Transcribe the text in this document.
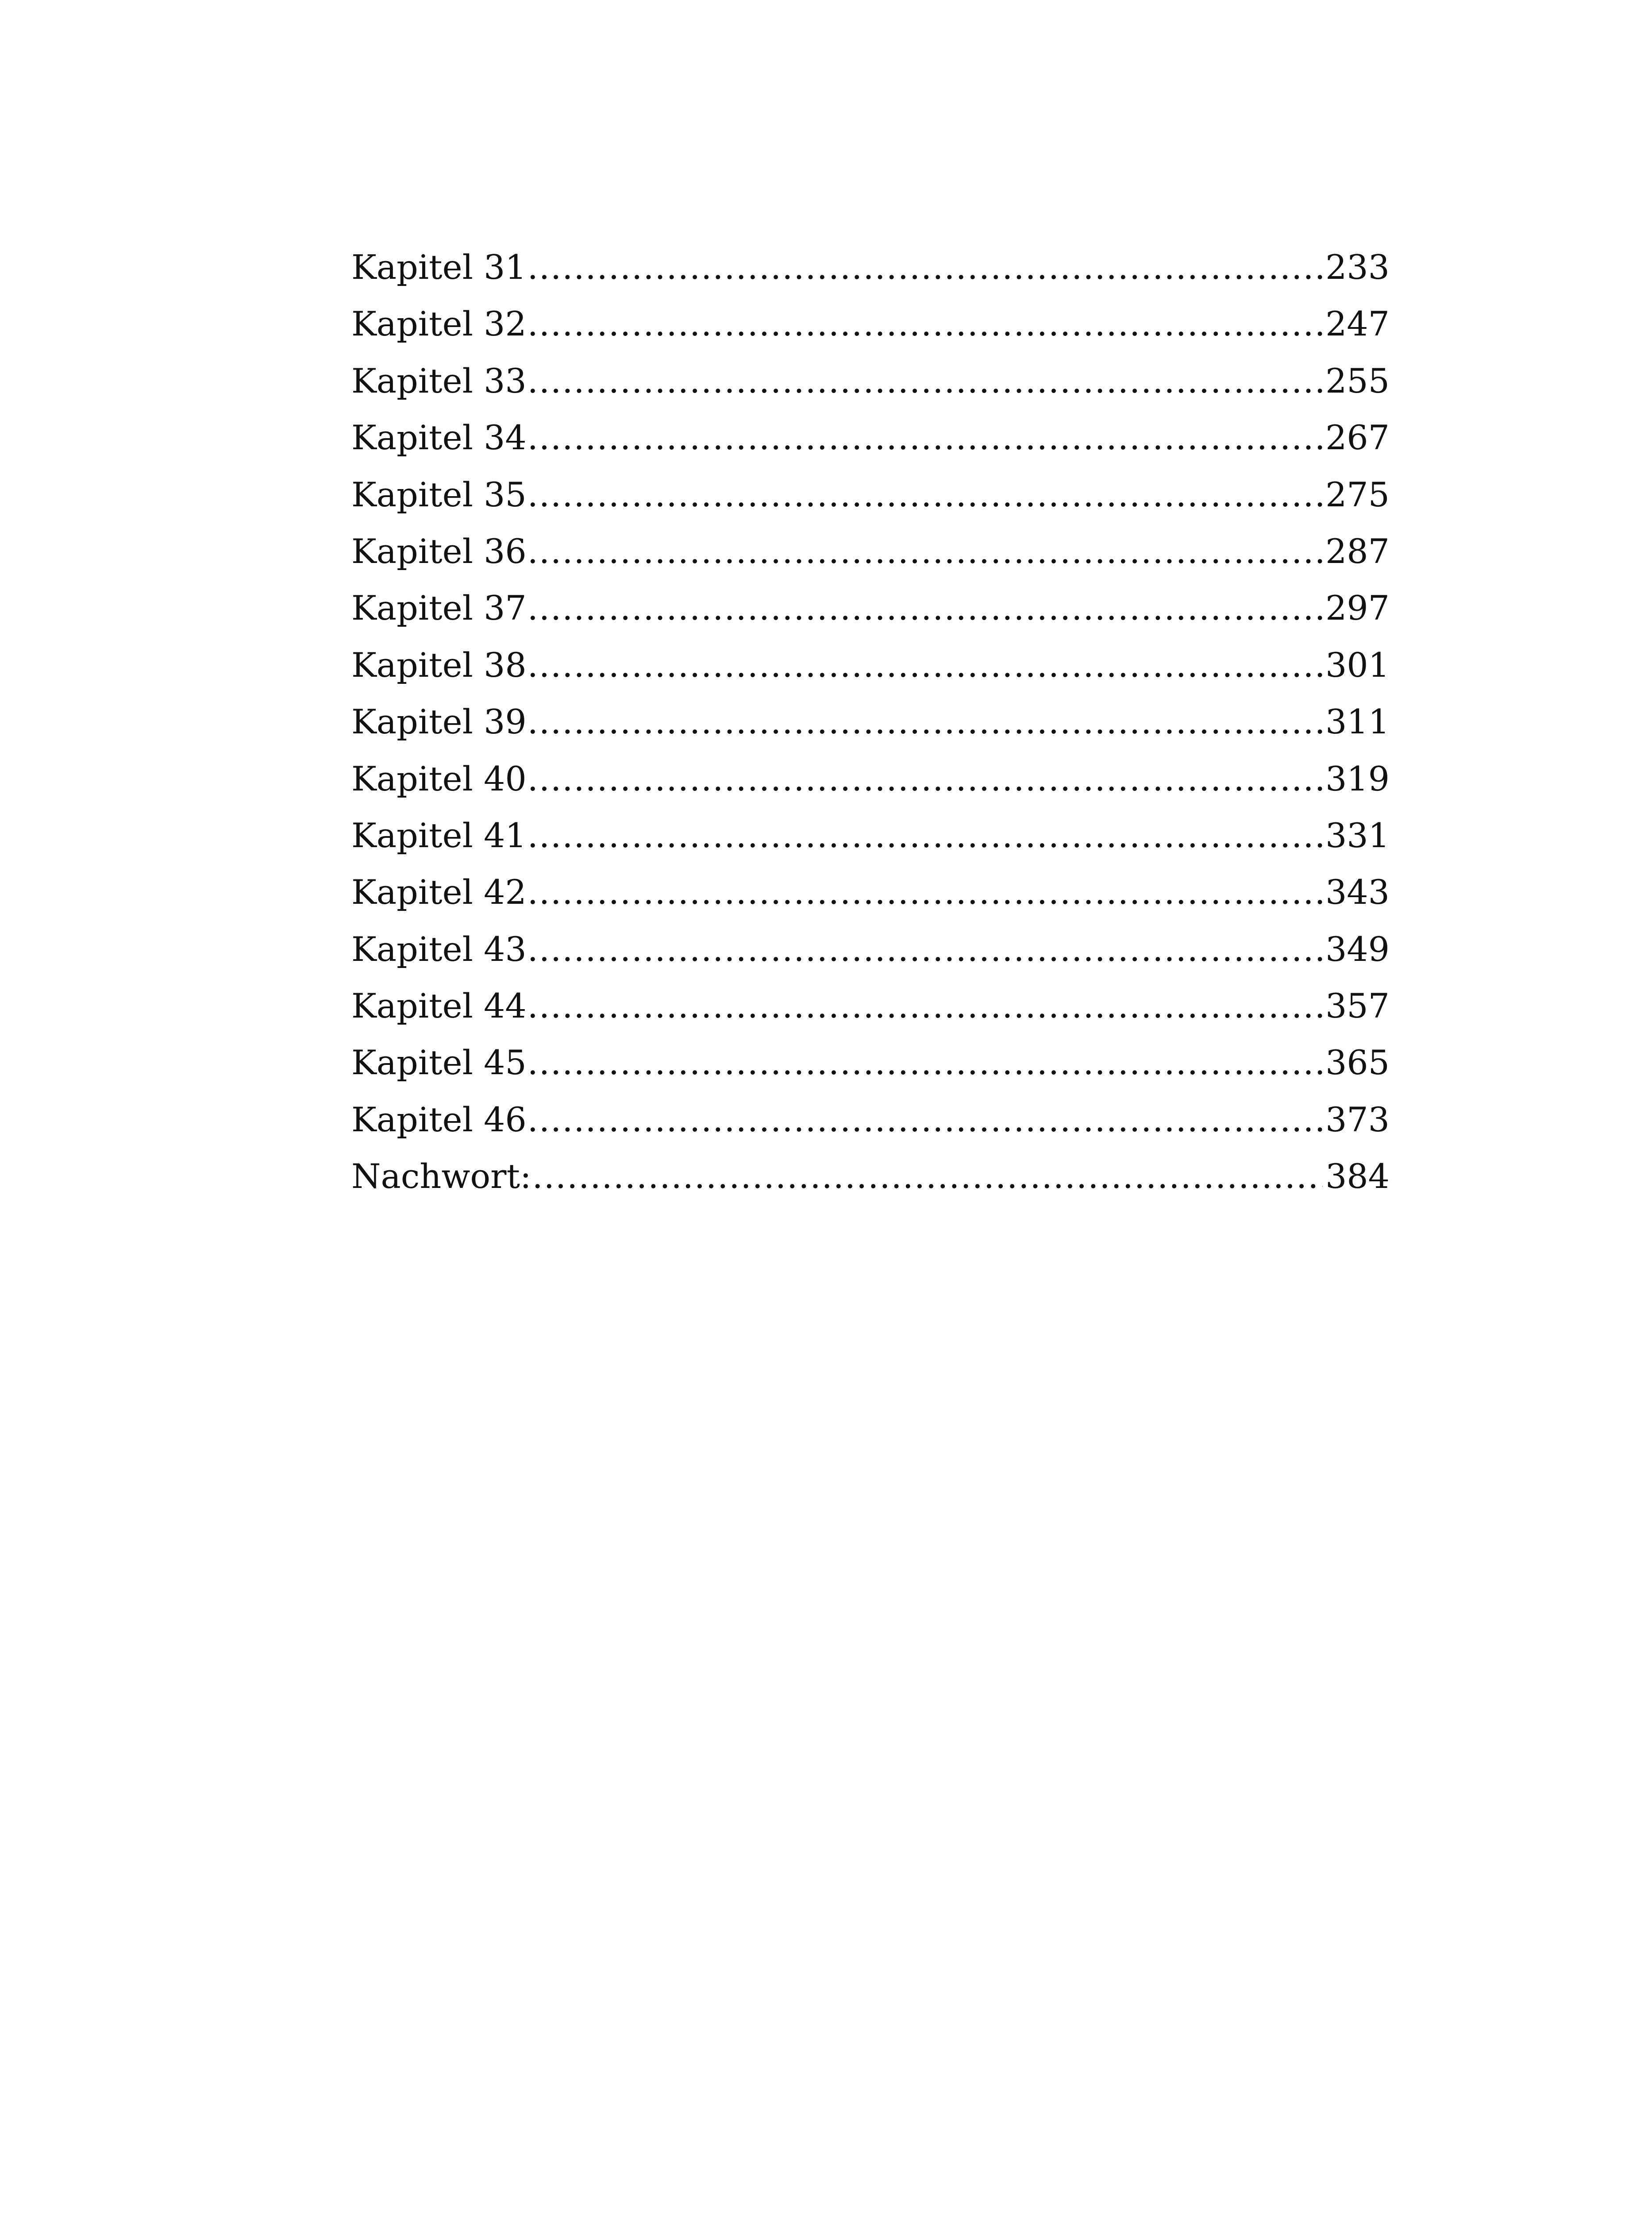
Kapitel 31 .....	233
Kapitel 32 .....	247
Kapitel 33 .....	255
Kapitel 34 .....	267
Kapitel 35 .....	275
Kapitel 36 .....	287
Kapitel 37 .....	297
Kapitel 38 .....	301
Kapitel 39 .....	311
Kapitel 40 .....	319
Kapitel 41 .....	331
Kapitel 42 .....	343
Kapitel 43 .....	349
Kapitel 44 .....	357
Kapitel 45 .....	365
Kapitel 46 .....	373
Nachwort: .....	384
